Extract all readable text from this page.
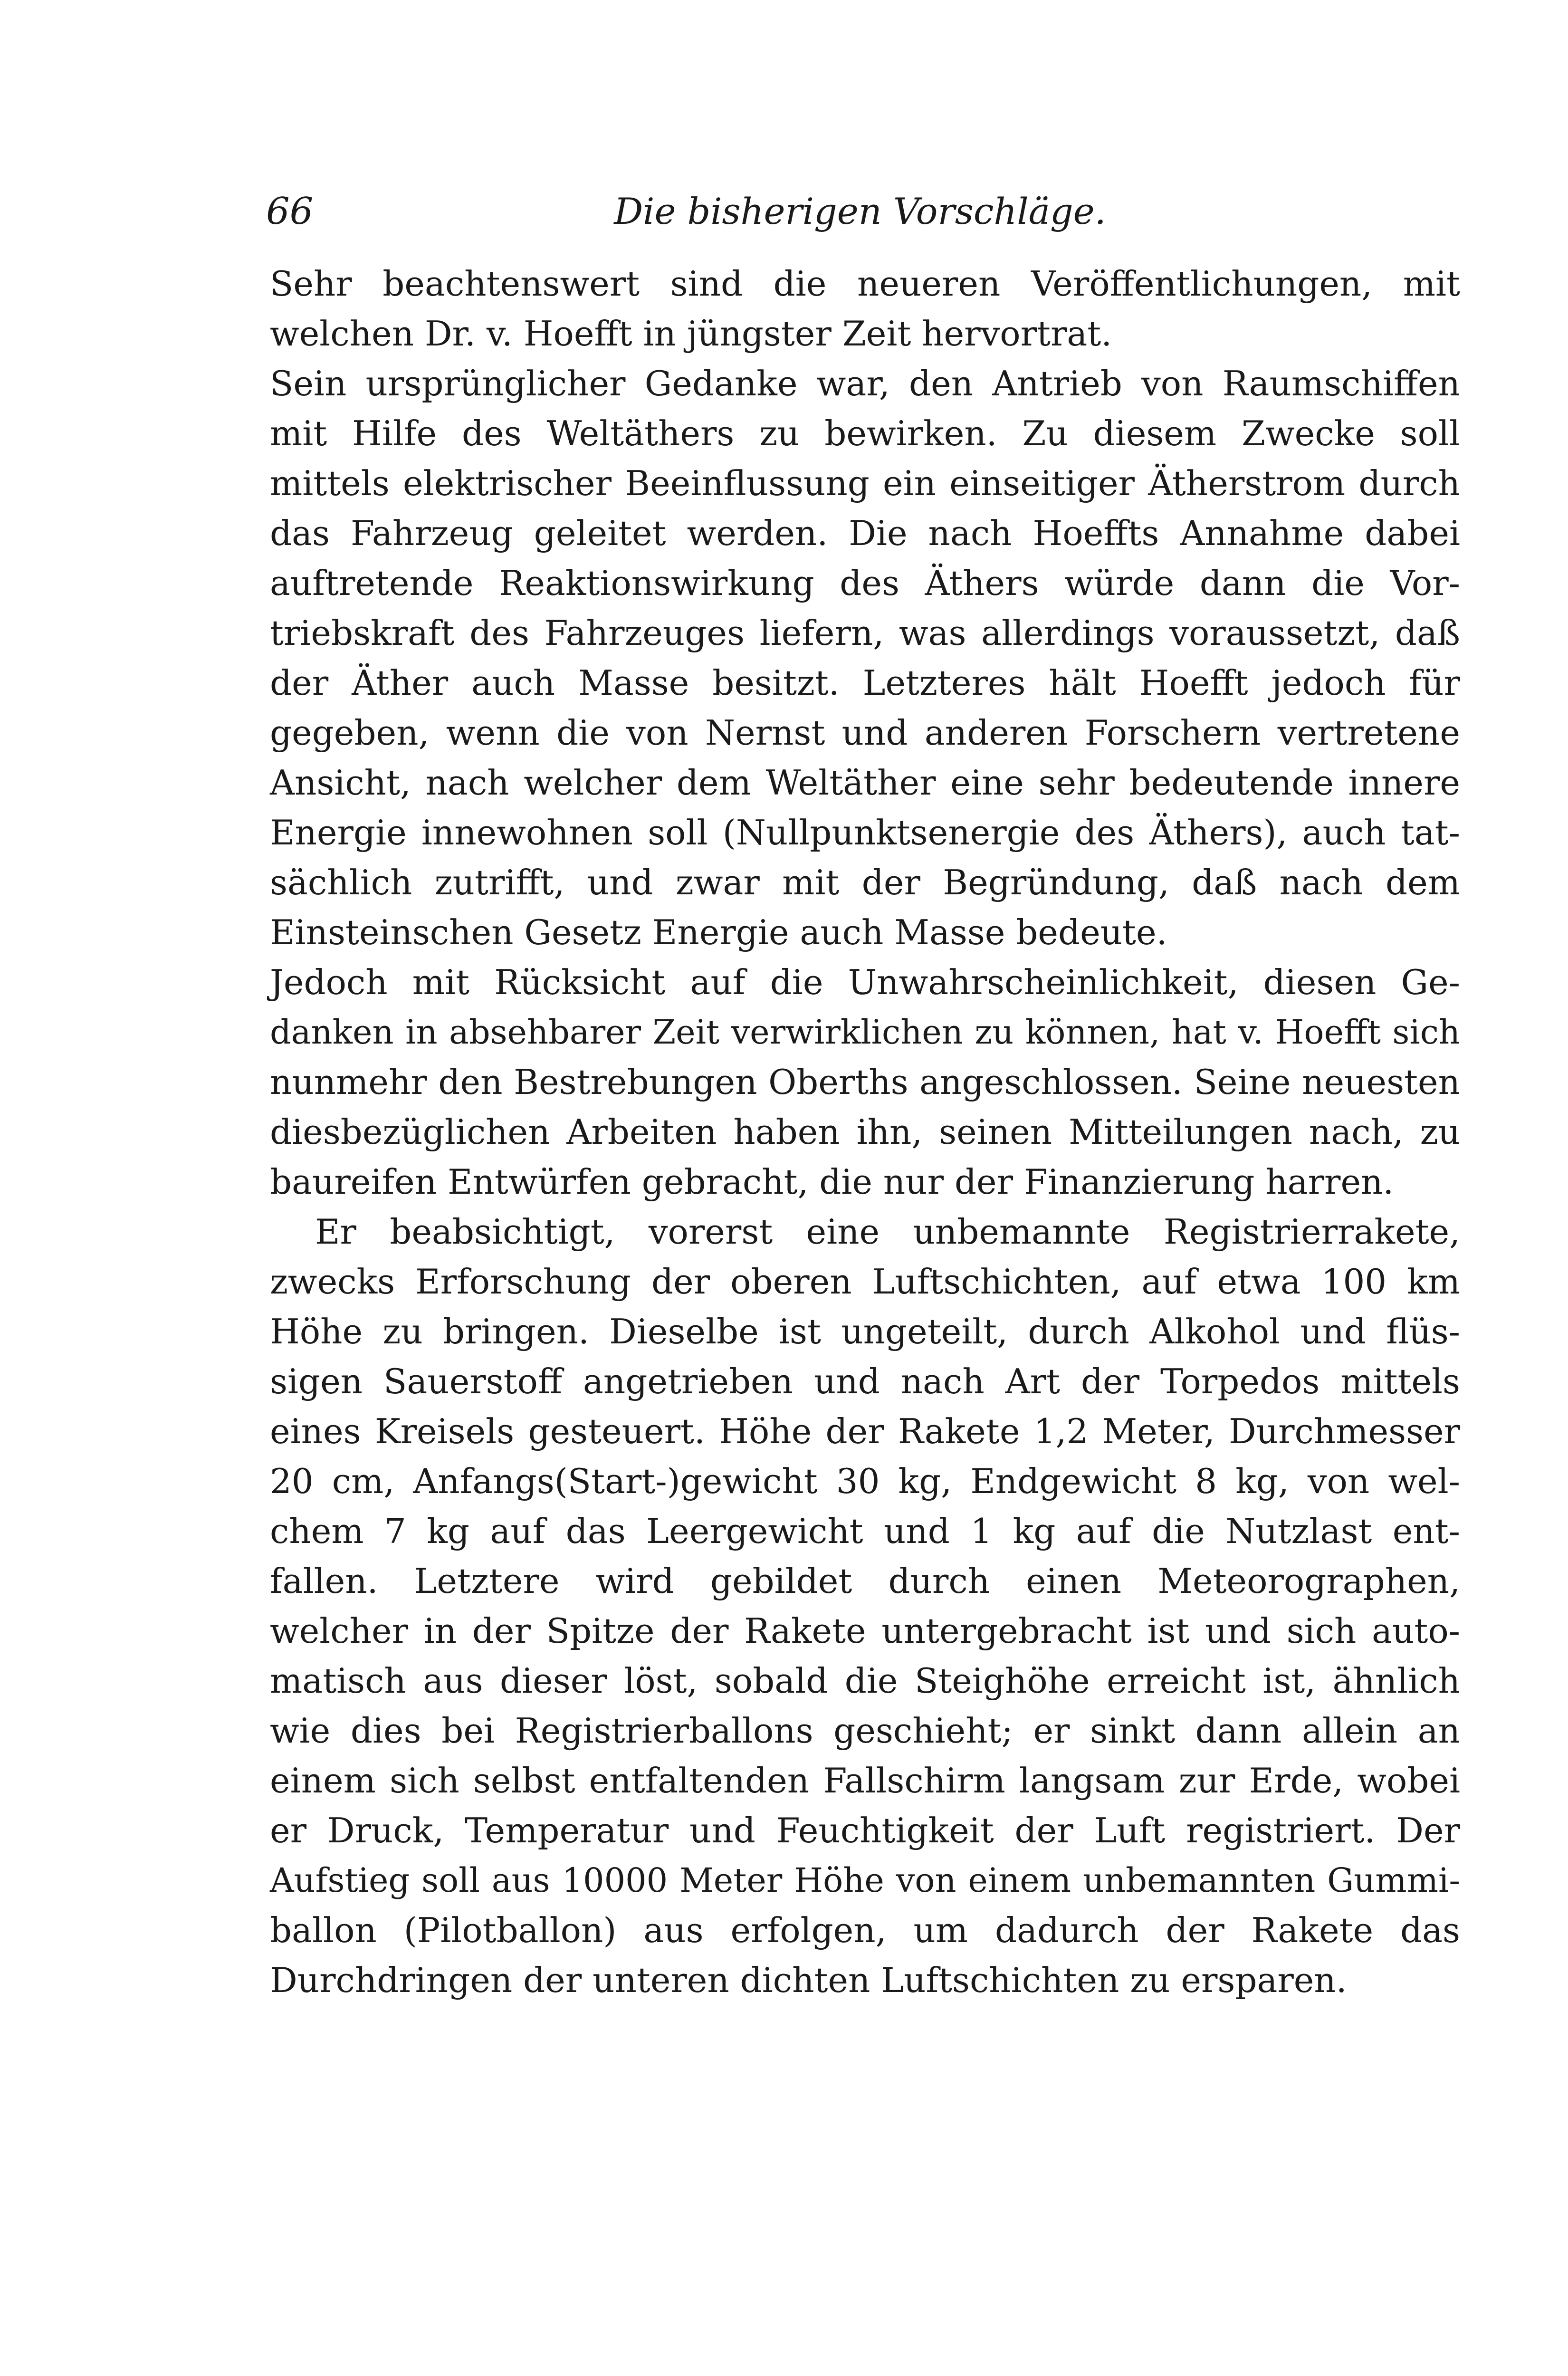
66	Die bisherigen Vorschläge.
Sehr beachtenswert sind die neueren Veröffentlichungen, mit
welchen Dr. v. Hoefft in jüngster Zeit hervortrat.
Sein ursprünglicher Gedanke war, den Antrieb von Raumschiffen
mit Hilfe des Weltäthers zu bewirken. Zu diesem Zwecke soll
mittels elektrischer Beeinflussung ein einseitiger Ätherstrom durch
das Fahrzeug geleitet werden. Die nach Hoeffts Annahme dabei
auftretende Reaktionswirkung des Äthers würde dann die Vor-
triebskraft des Fahrzeuges liefern, was allerdings voraussetzt, daß
der Äther auch Masse besitzt. Letzteres hält Hoefft jedoch für
gegeben, wenn die von Nernst und anderen Forschern vertretene
Ansicht, nach welcher dem Weltäther eine sehr bedeutende innere
Energie innewohnen soll (Nullpunktsenergie des Äthers), auch tat-
sächlich zutrifft, und zwar mit der Begründung, daß nach dem
Einsteinschen Gesetz Energie auch Masse bedeute.
Jedoch mit Rücksicht auf die Unwahrscheinlichkeit, diesen Ge-
danken in absehbarer Zeit verwirklichen zu können, hat v. Hoefft sich
nunmehr den Bestrebungen Oberths angeschlossen. Seine neuesten
diesbezüglichen Arbeiten haben ihn, seinen Mitteilungen nach, zu
baureifen Entwürfen gebracht, die nur der Finanzierung harren.
Er beabsichtigt, vorerst eine unbemannte Registrierrakete,
zwecks Erforschung der oberen Luftschichten, auf etwa 100 km
Höhe zu bringen. Dieselbe ist ungeteilt, durch Alkohol und flüs-
sigen Sauerstoff angetrieben und nach Art der Torpedos mittels
eines Kreisels gesteuert. Höhe der Rakete 1,2 Meter, Durchmesser
20 cm, Anfangs(Start-)gewicht 30 kg, Endgewicht 8 kg, von wel-
chem 7 kg auf das Leergewicht und 1 kg auf die Nutzlast ent-
fallen. Letztere wird gebildet durch einen Meteorographen,
welcher in der Spitze der Rakete untergebracht ist und sich auto-
matisch aus dieser löst, sobald die Steighöhe erreicht ist, ähnlich
wie dies bei Registrierballons geschieht; er sinkt dann allein an
einem sich selbst entfaltenden Fallschirm langsam zur Erde, wobei
er Druck, Temperatur und Feuchtigkeit der Luft registriert. Der
Aufstieg soll aus 10000 Meter Höhe von einem unbemannten Gummi-
ballon (Pilotballon) aus erfolgen, um dadurch der Rakete das
Durchdringen der unteren dichten Luftschichten zu ersparen.
